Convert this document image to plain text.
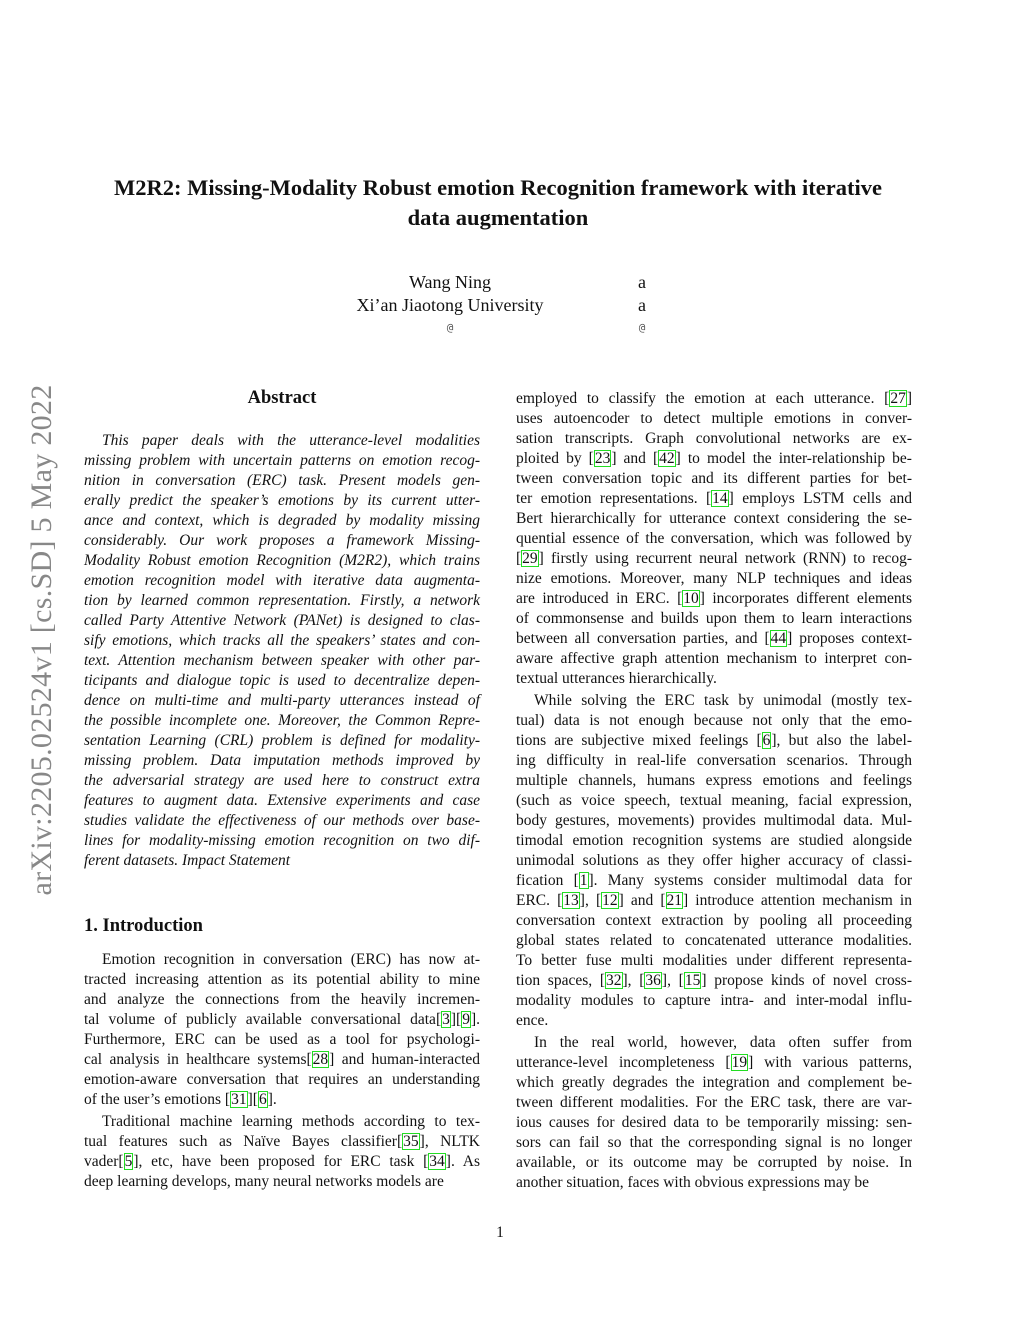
arXiv:2205.02524v1 [cs.SD] 5 May 2022
M2R2: Missing-Modality Robust emotion Recognition framework with iterative
data augmentation
Wang Ning
Xi’an Jiaotong University
@
a
a
@
Abstract
This paper deals with the utterance-level modalities
missing problem with uncertain patterns on emotion recog-
nition in conversation (ERC) task. Present models gen-
erally predict the speaker’s emotions by its current utter-
ance and context, which is degraded by modality missing
considerably. Our work proposes a framework Missing-
Modality Robust emotion Recognition (M2R2), which trains
emotion recognition model with iterative data augmenta-
tion by learned common representation. Firstly, a network
called Party Attentive Network (PANet) is designed to clas-
sify emotions, which tracks all the speakers’ states and con-
text. Attention mechanism between speaker with other par-
ticipants and dialogue topic is used to decentralize depen-
dence on multi-time and multi-party utterances instead of
the possible incomplete one. Moreover, the Common Repre-
sentation Learning (CRL) problem is defined for modality-
missing problem. Data imputation methods improved by
the adversarial strategy are used here to construct extra
features to augment data. Extensive experiments and case
studies validate the effectiveness of our methods over base-
lines for modality-missing emotion recognition on two dif-
ferent datasets. Impact Statement
1. Introduction
Emotion recognition in conversation (ERC) has now at-
tracted increasing attention as its potential ability to mine
and analyze the connections from the heavily incremen-
tal volume of publicly available conversational data[3][9].
Furthermore, ERC can be used as a tool for psychologi-
cal analysis in healthcare systems[28] and human-interacted
emotion-aware conversation that requires an understanding
of the user’s emotions [31][6].
Traditional machine learning methods according to tex-
tual features such as Naïve Bayes classifier[35], NLTK
vader[5], etc, have been proposed for ERC task [34]. As
deep learning develops, many neural networks models are
employed to classify the emotion at each utterance. [27]
uses autoencoder to detect multiple emotions in conver-
sation transcripts. Graph convolutional networks are ex-
ploited by [23] and [42] to model the inter-relationship be-
tween conversation topic and its different parties for bet-
ter emotion representations. [14] employs LSTM cells and
Bert hierarchically for utterance context considering the se-
quential essence of the conversation, which was followed by
[29] firstly using recurrent neural network (RNN) to recog-
nize emotions. Moreover, many NLP techniques and ideas
are introduced in ERC. [10] incorporates different elements
of commonsense and builds upon them to learn interactions
between all conversation parties, and [44] proposes context-
aware affective graph attention mechanism to interpret con-
textual utterances hierarchically.
While solving the ERC task by unimodal (mostly tex-
tual) data is not enough because not only that the emo-
tions are subjective mixed feelings [6], but also the label-
ing difficulty in real-life conversation scenarios. Through
multiple channels, humans express emotions and feelings
(such as voice speech, textual meaning, facial expression,
body gestures, movements) provides multimodal data. Mul-
timodal emotion recognition systems are studied alongside
unimodal solutions as they offer higher accuracy of classi-
fication [1]. Many systems consider multimodal data for
ERC. [13], [12] and [21] introduce attention mechanism in
conversation context extraction by pooling all proceeding
global states related to concatenated utterance modalities.
To better fuse multi modalities under different representa-
tion spaces, [32], [36], [15] propose kinds of novel cross-
modality modules to capture intra- and inter-modal influ-
ence.
In the real world, however, data often suffer from
utterance-level incompleteness [19] with various patterns,
which greatly degrades the integration and complement be-
tween different modalities. For the ERC task, there are var-
ious causes for desired data to be temporarily missing: sen-
sors can fail so that the corresponding signal is no longer
available, or its outcome may be corrupted by noise. In
another situation, faces with obvious expressions may be
1
